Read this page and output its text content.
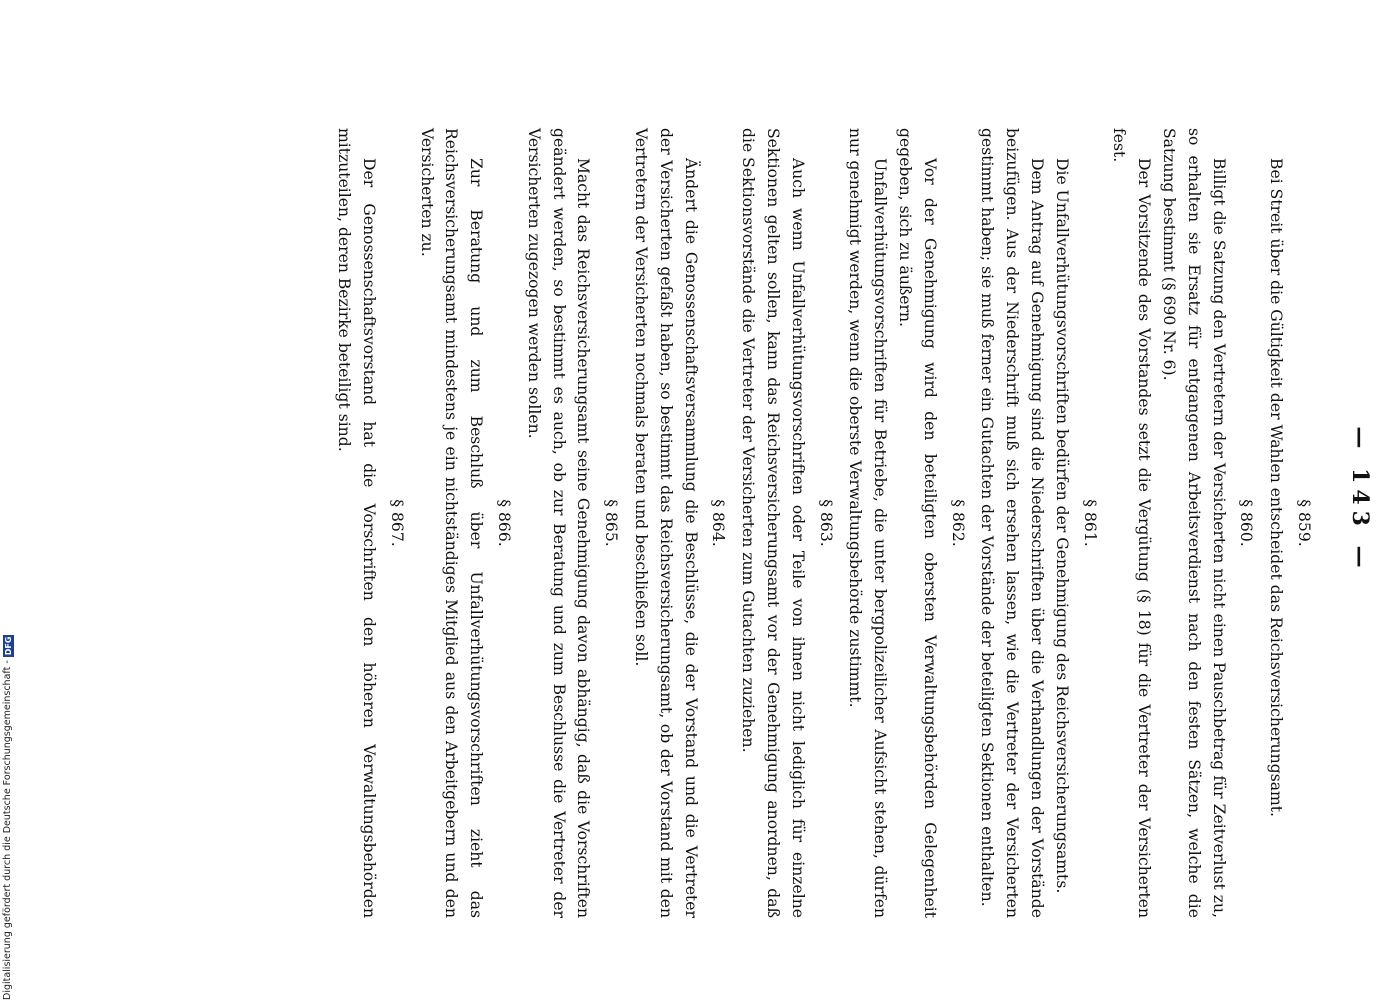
— 143 —
§ 859.

Bei Streit über die Gültigkeit der Wahlen entscheidet das Reichsversicherungsamt.

§ 860.

Billigt die Satzung den Vertretern der Versicherten nicht einen Pauschbetrag für Zeitverlust zu, so erhalten sie Ersatz für entgangenen Arbeitsverdienst nach den festen Sätzen, welche die Satzung bestimmt (§ 690 Nr. 6).

Der Vorsitzende des Vorstandes setzt die Vergütung (§ 18) für die Vertreter der Versicherten fest.

§ 861.

Die Unfallverhütungsvorschriften bedürfen der Genehmigung des Reichsversicherungsamts.

Dem Antrag auf Genehmigung sind die Niederschriften über die Verhandlungen der Vorstände beizufügen. Aus der Niederschrift muß sich ersehen lassen, wie die Vertreter der Versicherten gestimmt haben; sie muß ferner ein Gutachten der Vorstände der beteiligten Sektionen enthalten.

§ 862.

Vor der Genehmigung wird den beteiligten obersten Verwaltungsbehörden Gelegenheit gegeben, sich zu äußern.

Unfallverhütungsvorschriften für Betriebe, die unter bergpolizeilicher Aufsicht stehen, dürfen nur genehmigt werden, wenn die oberste Verwaltungsbehörde zustimmt.

§ 863.

Auch wenn Unfallverhütungsvorschriften oder Teile von ihnen nicht lediglich für einzelne Sektionen gelten sollen, kann das Reichsversicherungsamt vor der Genehmigung anordnen, daß die Sektionsvorstände die Vertreter der Versicherten zum Gutachten zuziehen.

§ 864.

Ändert die Genossenschaftsversammlung die Beschlüsse, die der Vorstand und die Vertreter der Versicherten gefaßt haben, so bestimmt das Reichsversicherungsamt, ob der Vorstand mit den Vertretern der Versicherten nochmals beraten und beschließen soll.

§ 865.

Macht das Reichsversicherungsamt seine Genehmigung davon abhängig, daß die Vorschriften geändert werden, so bestimmt es auch, ob zur Beratung und zum Beschlusse die Vertreter der Versicherten zugezogen werden sollen.

§ 866.

Zur Beratung und zum Beschluß über Unfallverhütungsvorschriften zieht das Reichsversicherungsamt mindestens je ein nichtständiges Mitglied aus den Arbeitgebern und den Versicherten zu.

§ 867.

Der Genossenschaftsvorstand hat die Vorschriften den höheren Verwaltungsbehörden mitzuteilen, deren Bezirke beteiligt sind.

Digitalisierung gefördert durch die Deutsche Forschungsgemeinschaft -
DFG
